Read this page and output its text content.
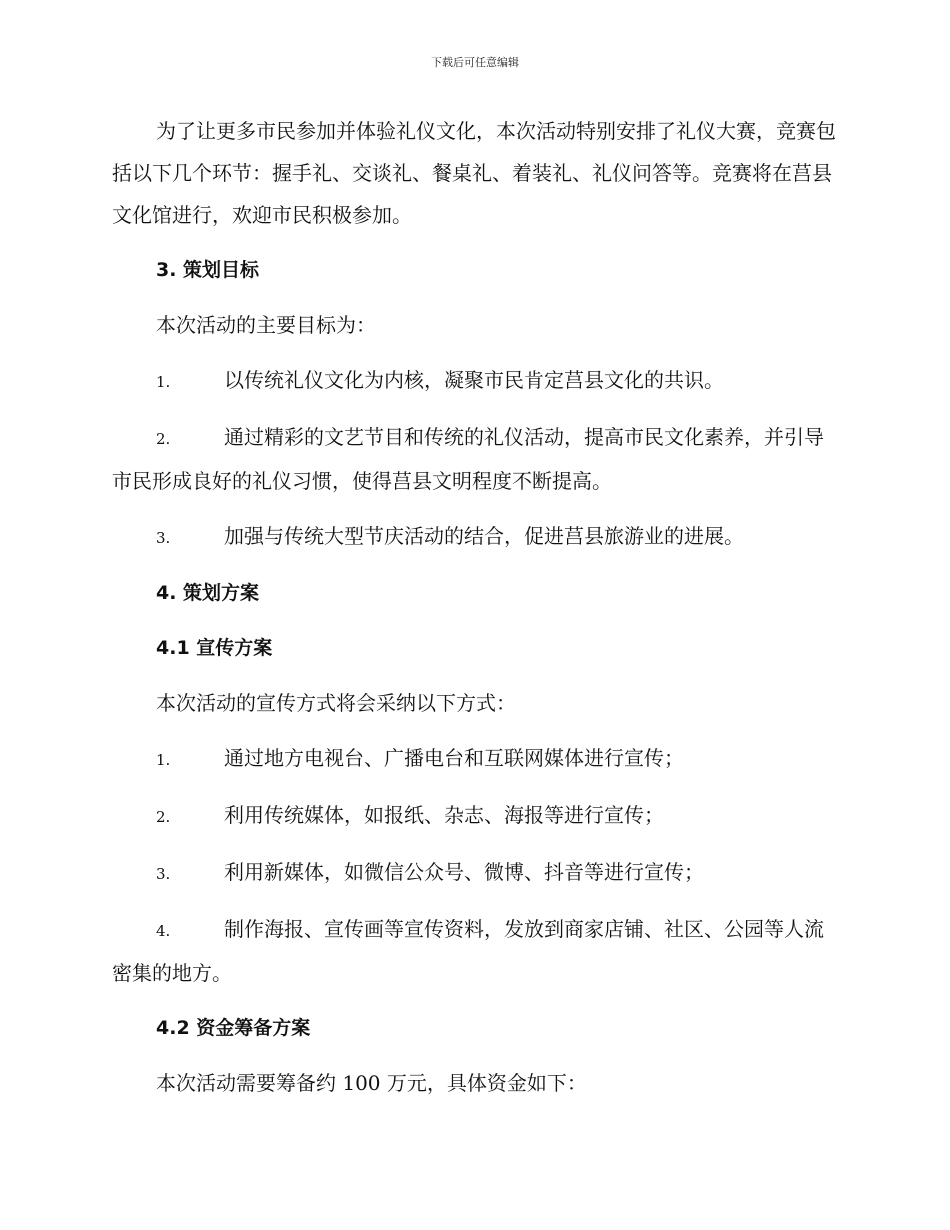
下载后可任意编辑

为了让更多市民参加并体验礼仪文化，本次活动特别安排了礼仪大赛，竞赛包括以下几个环节：握手礼、交谈礼、餐桌礼、着装礼、礼仪问答等。竞赛将在莒县文化馆进行，欢迎市民积极参加。

3. 策划目标

本次活动的主要目标为：

1.	以传统礼仪文化为内核，凝聚市民肯定莒县文化的共识。
2.	通过精彩的文艺节目和传统的礼仪活动，提高市民文化素养，并引导市民形成良好的礼仪习惯，使得莒县文明程度不断提高。
3.	加强与传统大型节庆活动的结合，促进莒县旅游业的进展。
4. 策划方案
4.1 宣传方案

本次活动的宣传方式将会采纳以下方式：

1.	通过地方电视台、广播电台和互联网媒体进行宣传；
2.	利用传统媒体，如报纸、杂志、海报等进行宣传；
3.	利用新媒体，如微信公众号、微博、抖音等进行宣传；
4.	制作海报、宣传画等宣传资料，发放到商家店铺、社区、公园等人流密集的地方。
4.2 资金筹备方案

本次活动需要筹备约 100 万元，具体资金如下：
